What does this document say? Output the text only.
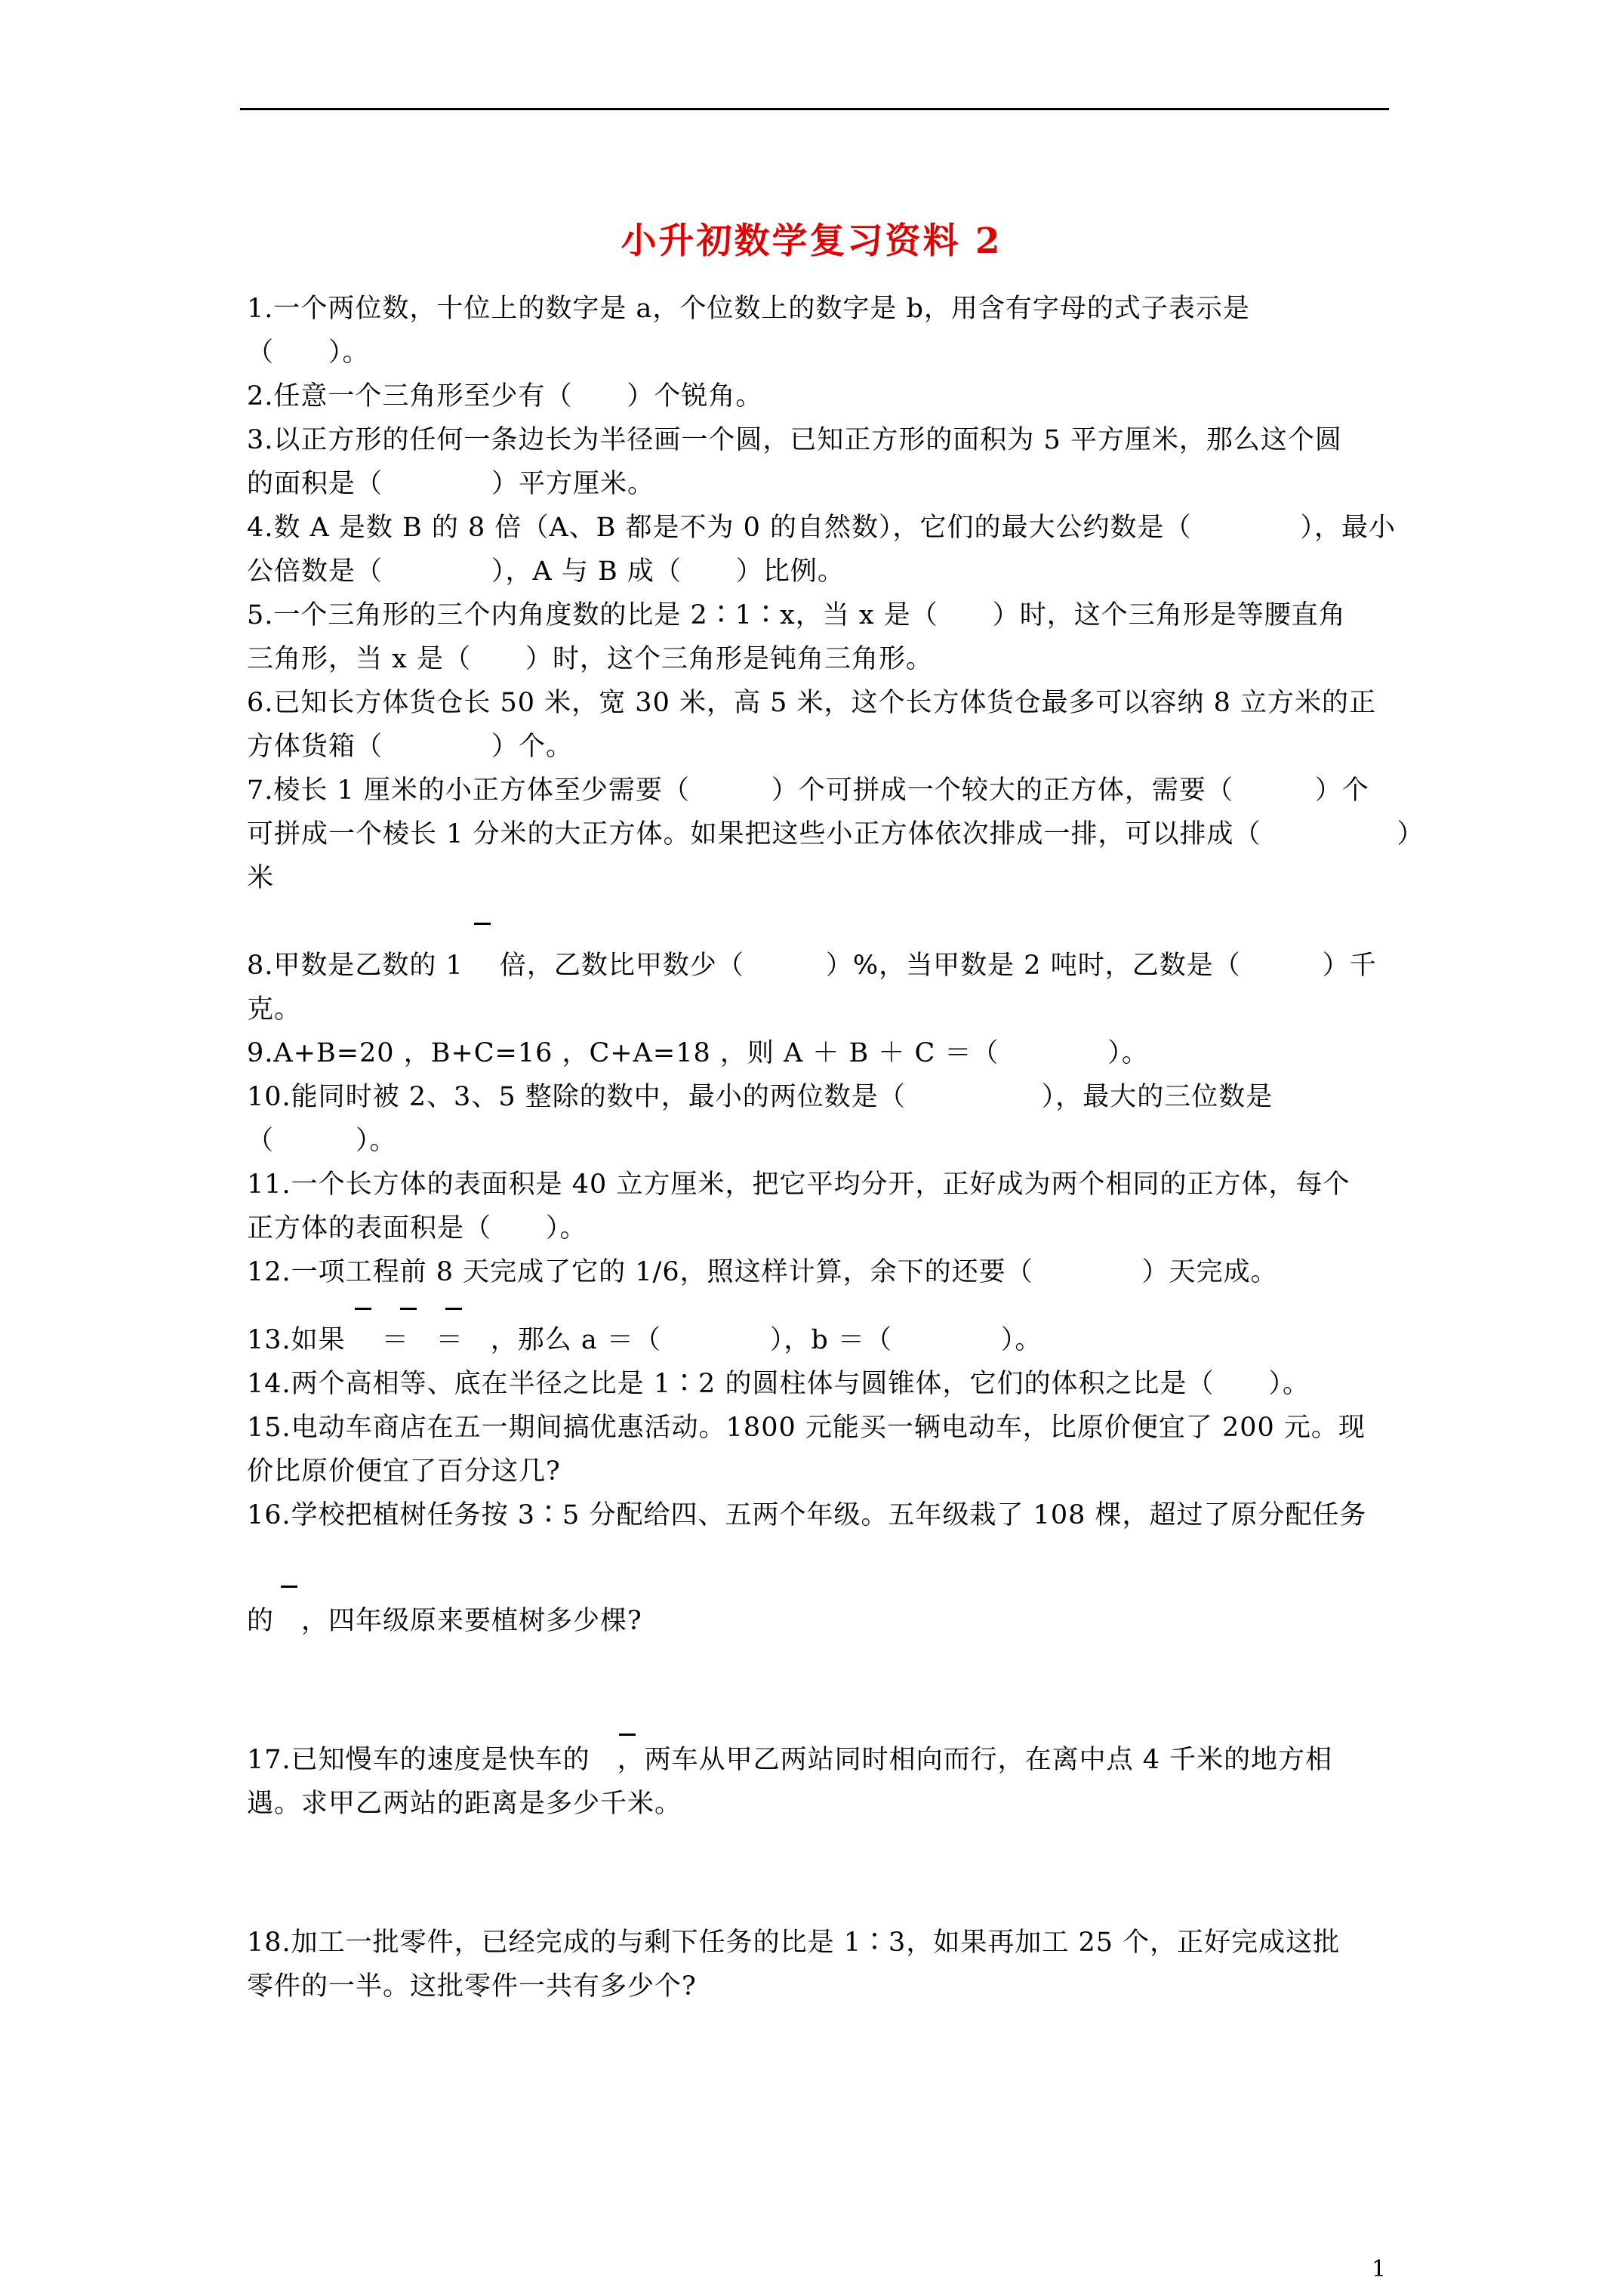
小升初数学复习资料 2
1.一个两位数，十位上的数字是 a，个位数上的数字是 b，用含有字母的式子表示是
（　　）。
2.任意一个三角形至少有（　　）个锐角。
3.以正方形的任何一条边长为半径画一个圆，已知正方形的面积为 5 平方厘米，那么这个圆
的面积是（　　　　）平方厘米。
4.数 A 是数 B 的 8 倍（A、B 都是不为 0 的自然数），它们的最大公约数是（　　　　），最小
公倍数是（　　　　），A 与 B 成（　　）比例。
5.一个三角形的三个内角度数的比是 2∶1∶x，当 x 是（　　）时，这个三角形是等腰直角
三角形，当 x 是（　　）时，这个三角形是钝角三角形。
6.已知长方体货仓长 50 米，宽 30 米，高 5 米，这个长方体货仓最多可以容纳 8 立方米的正
方体货箱（　　　　）个。
7.棱长 1 厘米的小正方体至少需要（　　　）个可拼成一个较大的正方体，需要（　　　）个
可拼成一个棱长 1 分米的大正方体。如果把这些小正方体依次排成一排，可以排成（　　　　　）
米
8.甲数是乙数的 1　 倍，乙数比甲数少（　　　）%，当甲数是 2 吨时，乙数是（　　　）千
克。
9.A+B=20 ，B+C=16 ，C+A=18 ，则 A ＋ B ＋ C ＝（　　　　）。
10.能同时被 2、3、5 整除的数中，最小的两位数是（　　　　　），最大的三位数是
（　　　）。
11.一个长方体的表面积是 40 立方厘米，把它平均分开，正好成为两个相同的正方体，每个
正方体的表面积是（　　）。
12.一项工程前 8 天完成了它的 1/6，照这样计算，余下的还要（　　　　）天完成。
13.如果　 ＝　＝　，那么 a ＝（　　　　），b ＝（　　　　）。
14.两个高相等、底在半径之比是 1∶2 的圆柱体与圆锥体，它们的体积之比是（　　）。
15.电动车商店在五一期间搞优惠活动。1800 元能买一辆电动车，比原价便宜了 200 元。现
价比原价便宜了百分这几?
16.学校把植树任务按 3∶5 分配给四、五两个年级。五年级栽了 108 棵，超过了原分配任务
的　，四年级原来要植树多少棵?
17.已知慢车的速度是快车的　，两车从甲乙两站同时相向而行，在离中点 4 千米的地方相
遇。求甲乙两站的距离是多少千米。
18.加工一批零件，已经完成的与剩下任务的比是 1∶3，如果再加工 25 个，正好完成这批
零件的一半。这批零件一共有多少个?
1
